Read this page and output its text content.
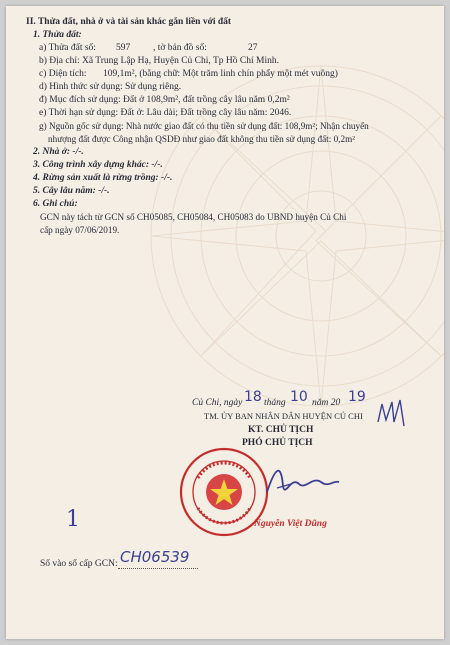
II. Thửa đất, nhà ở và tài sản khác gắn liền với đất
1. Thửa đất:
a) Thửa đất số: 597 , tờ bản đồ số:	27
b) Địa chỉ: Xã Trung Lập Hạ, Huyện Củ Chi, Tp Hồ Chí Minh.
c) Diện tích: 109,1m², (bằng chữ: Một trăm linh chín phẩy một mét vuông)
d) Hình thức sử dụng: Sử dụng riêng.
đ) Mục đích sử dụng: Đất ở 108,9m², đất trồng cây lâu năm 0,2m²
e) Thời hạn sử dụng: Đất ở: Lâu dài; Đất trồng cây lâu năm: 2046.
g) Nguồn gốc sử dụng: Nhà nước giao đất có thu tiền sử dụng đất: 108,9m²; Nhận chuyển
nhượng đất được Công nhận QSDĐ như giao đất không thu tiền sử dụng đất: 0,2m²
2. Nhà ở: -/-.
3. Công trình xây dựng khác: -/-.
4. Rừng sản xuất là rừng trồng: -/-.
5. Cây lâu năm: -/-.
6. Ghi chú:
GCN này tách từ GCN số CH05085, CH05084, CH05083 do UBND huyện Củ Chi
cấp ngày 07/06/2019.
Củ Chi, ngày 18 tháng 10 năm 20 19
TM. ỦY BAN NHÂN DÂN HUYỆN CỦ CHI
KT. CHỦ TỊCH
PHÓ CHỦ TỊCH
Nguyễn Việt Dũng
1
Số vào sổ cấp GCN: CH06539
